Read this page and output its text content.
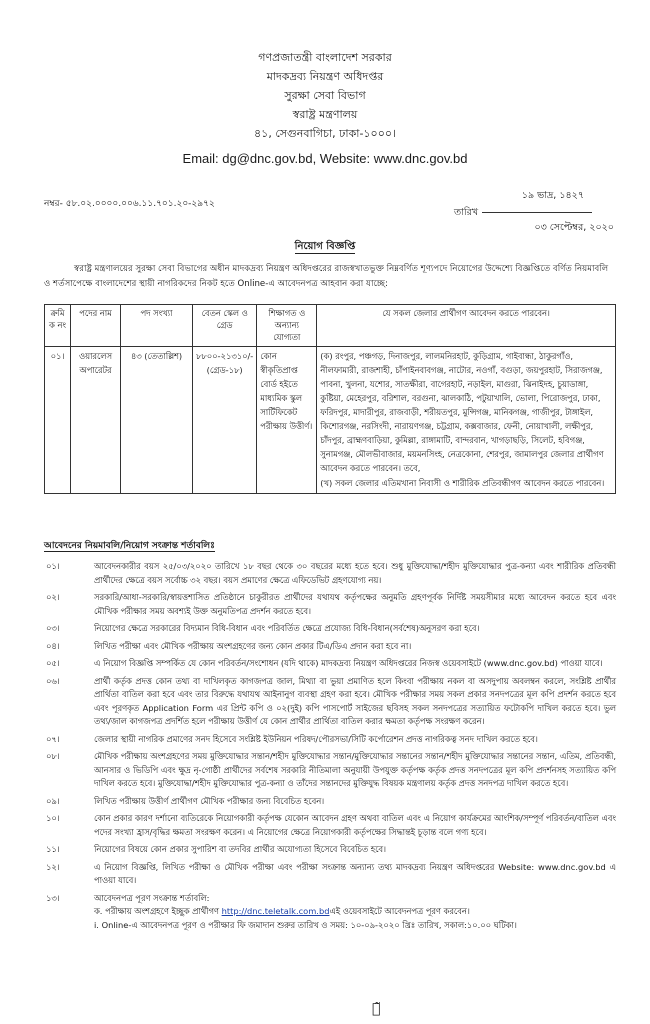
গণপ্রজাতন্ত্রী বাংলাদেশ সরকার
মাদকদ্রব্য নিয়ন্ত্রণ অধিদপ্তর
সুরক্ষা সেবা বিভাগ
স্বরাষ্ট্র মন্ত্রণালয়
৪১, সেগুনবাগিচা, ঢাকা-১০০০।
Email: dg@dnc.gov.bd, Website: www.dnc.gov.bd
নম্বর- ৫৮.০২.০০০০.০০৬.১১.৭০১.২০-২৯৭২
১৯ ভাদ্র, ১৪২৭
তারিখ
০৩ সেপ্টেম্বর, ২০২০
নিয়োগ বিজ্ঞপ্তি
স্বরাষ্ট্র মন্ত্রণালয়ের সুরক্ষা সেবা বিভাগের অধীন মাদকদ্রব্য নিয়ন্ত্রণ অধিদপ্তরের রাজস্বখাতভুক্ত নিম্নবর্ণিত শূণ্যপদে নিয়োগের উদ্দেশ্যে বিজ্ঞপ্তিতে বর্ণিত নিয়মাবলি ও শর্তসাপেক্ষে বাংলাদেশের স্থায়ী নাগরিকদের নিকট হতে Online-এ আবেদনপত্র আহবান করা যাচ্ছে:
ক্রমি ক নং	পদের নাম	পদ সংখ্যা	বেতন স্কেল ও গ্রেড	শিক্ষাগত ও অন্যান্য যোগ্যতা	যে সকল জেলার প্রার্থীগণ আবেদন করতে পারবেন।
০১।	ওয়ারলেস অপারেটর	৪৩ (তেতাল্লিশ)	৮৮০০-২১৩১০/- (গ্রেড-১৮)	কোন স্বীকৃতিপ্রাপ্ত বোর্ড হইতে মাধ্যমিক স্কুল সার্টিফিকেট পরীক্ষায় উত্তীর্ণ।	(ক) রংপুর, পঞ্চগড়, দিনাজপুর, লালমনিরহাট, কুড়িগ্রাম, গাইবান্ধা, ঠাকুরগাঁও, নীলফামারী, রাজশাহী, চাঁপাইনবাবগঞ্জ, নাটোর, নওগাঁ, বগুড়া, জয়পুরহাট, সিরাজগঞ্জ, পাবনা, খুলনা, যশোর, সাতক্ষীরা, বাগেরহাট, নড়াইল, মাগুরা, ঝিনাইদহ, চুয়াডাঙ্গা, কুষ্টিয়া, মেহেরপুর, বরিশাল, বরগুনা, ঝালকাঠি, পটুয়াখালি, ভোলা, পিরোজপুর, ঢাকা, ফরিদপুর, মাদারীপুর, রাজবাড়ী, শরীয়তপুর, মুন্সিগঞ্জ, মানিকগঞ্জ, গাজীপুর, টাঙ্গাইল, কিশোরগঞ্জ, নরসিংদী, নারায়ণগঞ্জ, চট্টগ্রাম, কক্সবাজার, ফেনী, নোয়াখালী, লক্ষীপুর, চাঁদপুর, ব্রাহ্মণবাড়িয়া, কুমিল্লা, রাঙ্গামাটি, বান্দরবান, খাগড়াছড়ি, সিলেট, হবিগঞ্জ, সুনামগঞ্জ, মৌলভীবাজার, ময়মনসিংহ, নেত্রকোনা, শেরপুর, জামালপুর জেলার প্রার্থীগণ আবেদন করতে পারবেন। তবে,

(খ) সকল জেলার এতিমখানা নিবাসী ও শারীরিক প্রতিবন্ধীগণ আবেদন করতে পারবেন।

আবেদনের নিয়মাবলি/নিয়োগ সংক্রান্ত শর্তাবলিঃ
০১।	আবেদনকারীর বয়স ২৫/০৩/২০২০ তারিখে ১৮ বছর থেকে ৩০ বছরের মধ্যে হতে হবে। শুধু মুক্তিযোদ্ধা/শহীদ মুক্তিযোদ্ধার পুত্র-কন্যা এবং শারীরিক প্রতিবন্ধী প্রার্থীদের ক্ষেত্রে বয়স সর্বোচ্চ ৩২ বছর। বয়স প্রমাণের ক্ষেত্রে এফিডেভিট গ্রহণযোগ্য নয়।
০২।	সরকারি/আধা-সরকারি/স্বায়ত্তশাসিত প্রতিষ্ঠানে চাকুরীরত প্রার্থীদের যথাযথ কর্তৃপক্ষের অনুমতি গ্রহণপূর্বক নির্দিষ্ট সময়সীমার মধ্যে আবেদন করতে হবে এবং মৌখিক পরীক্ষার সময় অবশ্যই উক্ত অনুমতিপত্র প্রদর্শন করতে হবে।
০৩।	নিয়োগের ক্ষেত্রে সরকারের বিদ্যমান বিধি-বিধান এবং পরিবর্তিত ক্ষেত্রে প্রযোজ্য বিধি-বিধান(সর্বশেষ)অনুসরণ করা হবে।
০৪।	লিখিত পরীক্ষা এবং মৌখিক পরীক্ষায় অংশগ্রহণের জন্য কোন প্রকার টিএ/ডিএ প্রদান করা হবে না।
০৫।	এ নিয়োগ বিজ্ঞপ্তি সম্পর্কিত যে কোন পরিবর্তন/সংশোধন (যদি থাকে) মাদকদ্রব্য নিয়ন্ত্রণ অধিদপ্তরের নিজস্ব ওয়েবসাইটে (www.dnc.gov.bd) পাওয়া যাবে।
০৬।	প্রার্থী কর্তৃক প্রদত্ত কোন তথ্য বা দাখিলকৃত কাগজপত্র জাল, মিথ্যা বা ভুয়া প্রমাণিত হলে কিংবা পরীক্ষায় নকল বা অসদুপায় অবলম্বন করলে, সংশ্লিষ্ট প্রার্থীর প্রার্থিতা বাতিল করা হবে এবং তার বিরুদ্ধে যথাযথ আইনানুগ ব্যবস্থা গ্রহণ করা হবে। মৌখিক পরীক্ষার সময় সকল প্রকার সনদপত্রের মূল কপি প্রদর্শন করতে হবে এবং পূরণকৃত Application Form এর প্রিন্ট কপি ও ০২(দুই) কপি পাসপোর্ট সাইজের ছবিসহ সকল সনদপত্রের সত্যায়িত ফটোকপি দাখিল করতে হবে। ভুল তথ্য/জাল কাগজপত্র প্রদর্শিত হলে পরীক্ষায় উত্তীর্ণ যে কোন প্রার্থীর প্রার্থিতা বাতিল করার ক্ষমতা কর্তৃপক্ষ সংরক্ষণ করেন।
০৭।	জেলার স্থায়ী নাগরিক প্রমাণের সনদ হিসেবে সংশ্লিষ্ট ইউনিয়ন পরিষদ/পৌরসভা/সিটি কর্পোরেশন প্রদত্ত নাগরিকত্ব সনদ দাখিল করতে হবে।
০৮।	মৌখিক পরীক্ষায় অংশগ্রহণের সময় মুক্তিযোদ্ধার সন্তান/শহীদ মুক্তিযোদ্ধার সন্তান/মুক্তিযোদ্ধার সন্তানের সন্তান/শহীদ মুক্তিযোদ্ধার সন্তানের সন্তান, এতিম, প্রতিবন্ধী, আনসার ও ভিডিপি এবং ক্ষুদ্র নৃ-গোষ্ঠী প্রার্থীদের সর্বশেষ সরকারি নীতিমালা অনুযায়ী উপযুক্ত কর্তৃপক্ষ কর্তৃক প্রদত্ত সনদপত্রের মূল কপি প্রদর্শনসহ সত্যায়িত কপি দাখিল করতে হবে। মুক্তিযোদ্ধা/শহীদ মুক্তিযোদ্ধার পুত্র-কন্যা ও তাঁদের সন্তানদের মুক্তিযুদ্ধ বিষয়ক মন্ত্রণালয় কর্তৃক প্রদত্ত সনদপত্র দাখিল করতে হবে।
০৯।	লিখিত পরীক্ষায় উত্তীর্ণ প্রার্থীগণ মৌখিক পরীক্ষার জন্য বিবেচিত হবেন।
১০।	কোন প্রকার কারণ দর্শানো ব্যতিরেকে নিয়োগকারী কর্তৃপক্ষ যেকোন আবেদন গ্রহণ অথবা বাতিল এবং এ নিয়োগ কার্যক্রমের আংশিক/সম্পূর্ণ পরিবর্তন/বাতিল এবং পদের সংখ্যা হ্রাস/বৃদ্ধির ক্ষমতা সংরক্ষণ করেন। এ নিয়োগের ক্ষেত্রে নিয়োগকারী কর্তৃপক্ষের সিদ্ধান্তই চূড়ান্ত বলে গণ্য হবে।
১১।	নিয়োগের বিষয়ে কোন প্রকার সুপারিশ বা তদবির প্রার্থীর অযোগ্যতা হিসেবে বিবেচিত হবে।
১২।	এ নিয়োগ বিজ্ঞপ্তি, লিখিত পরীক্ষা ও মৌখিক পরীক্ষা এবং পরীক্ষা সংক্রান্ত অন্যান্য তথ্য মাদকদ্রব্য নিয়ন্ত্রণ অধিদপ্তরের Website: www.dnc.gov.bd এ পাওয়া যাবে।
১৩।	আবেদনপত্র পূরণ সংক্রান্ত শর্তাবলি:
ক. পরীক্ষায় অংশগ্রহণে ইচ্ছুক প্রার্থীগণ http://dnc.teletalk.com.bdএই ওয়েবসাইটে আবেদনপত্র পূরণ করবেন।
i. Online-এ আবেদনপত্র পূরণ ও পরীক্ষার ফি জমাদান শুরুর তারিখ ও সময়: ১০-০৯-২০২০ খ্রিঃ তারিখ, সকাল:১০.০০ ঘটিকা।
ম̃
